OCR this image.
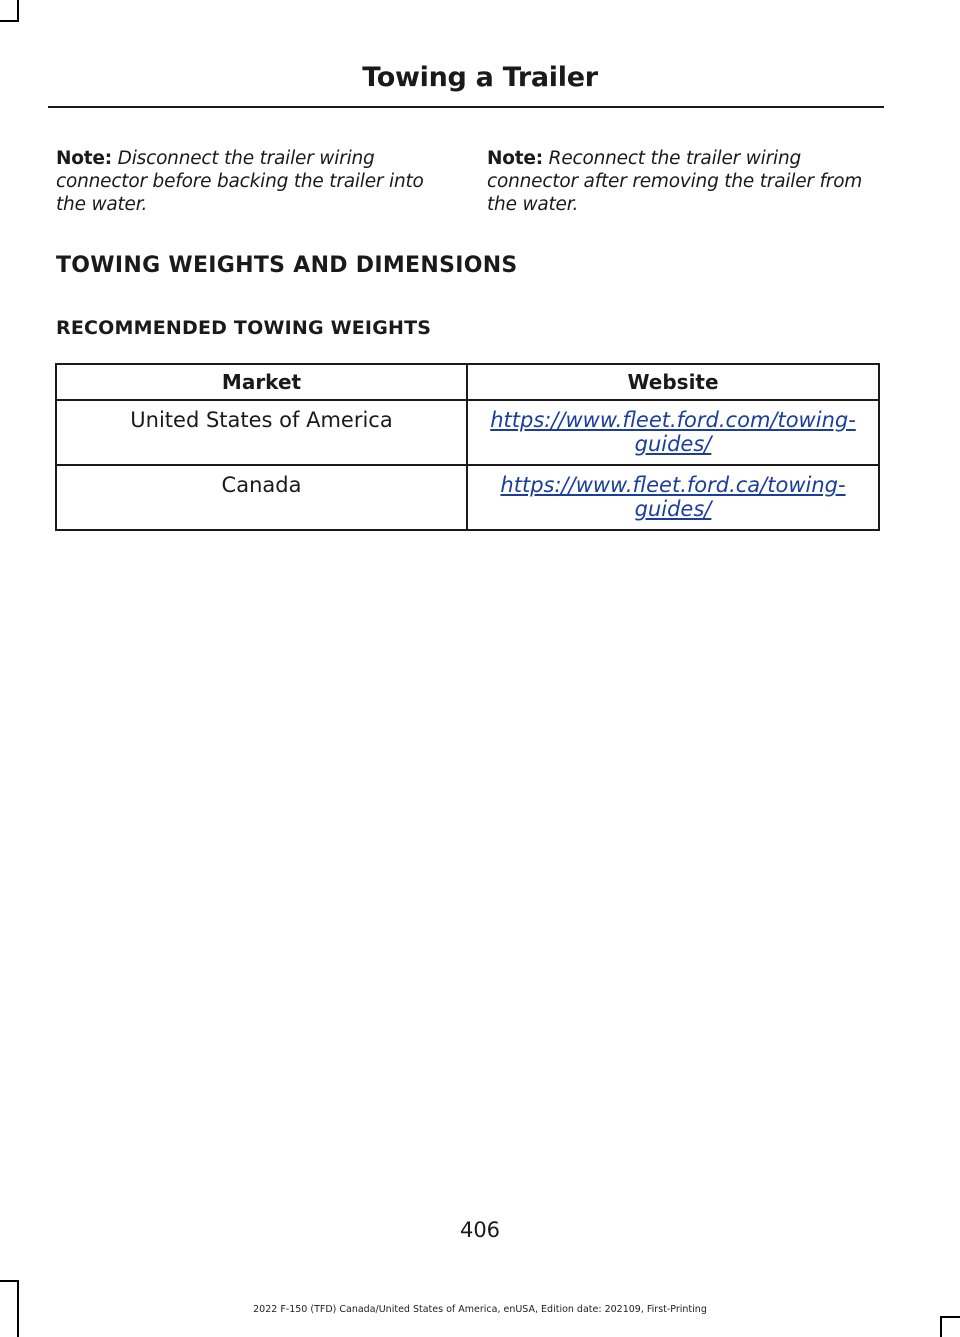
Towing a Trailer
Note: Disconnect the trailer wiring connector before backing the trailer into the water.
Note: Reconnect the trailer wiring connector after removing the trailer from the water.
TOWING WEIGHTS AND DIMENSIONS
RECOMMENDED TOWING WEIGHTS
Market	Website
United States of America	https://www.fleet.ford.com/towing-guides/
Canada	https://www.fleet.ford.ca/towing-guides/
406
2022 F-150 (TFD) Canada/United States of America, enUSA, Edition date: 202109, First-Printing
